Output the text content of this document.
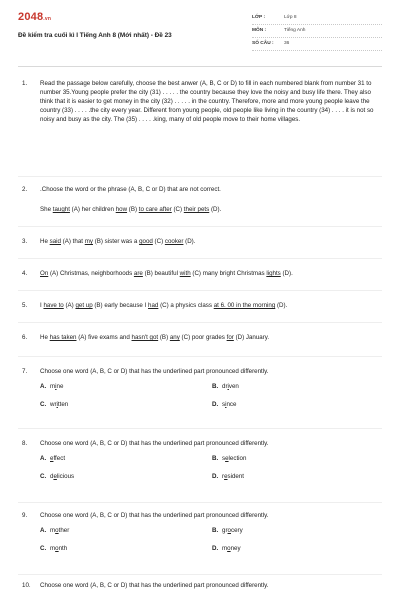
2048.vn
Đề kiểm tra cuối kì I Tiếng Anh 8 (Mới nhất) - Đề 23
LỚP :	Lớp 8
MÔN :	Tiếng Anh
SỐ CÂU :	36
1.	Read the passage below carefully, choose the best anwer (A, B, C or D) to fill in each numbered blank from number 31 to number 35.Young people prefer the city (31) . . . . . the country because they love the noisy and busy life there. They also think that it is easier to get money in the city (32) . . . . . in the country. Therefore, more and more young people leave the country (33) . . . . .the city every year. Different from young people, old people like living in the country (34) . . . . it is not so noisy and busy as the city. The (35) . . . . .king, many of old people move to their home villages.
2.	.Choose the word or the phrase (A, B, C or D) that are not correct.
She taught (A) her children how (B) to care after (C) their pets (D).
3.	He said (A) that my (B) sister was a good (C) cooker (D).
4.	On (A) Christmas, neighborhoods are (B) beautiful with (C) many bright Christmas lights (D).
5.	I have to (A) get up (B) early because I had (C) a physics class at 6. 00 in the morning (D).
6.	He has taken (A) five exams and hasn't got (B) any (C) poor grades for (D) January.
7.	Choose one word (A, B, C or D) that has the underlined part pronounced differently.
A. mine	B. driven
C. written	D. since
8.	Choose one word (A, B, C or D) that has the underlined part pronounced differently.
A. effect	B. selection
C. delicious	D. resident
9.	Choose one word (A, B, C or D) that has the underlined part pronounced differently.
A. mother	B. grocery
C. month	D. money
10.	Choose one word (A, B, C or D) that has the underlined part pronounced differently.
